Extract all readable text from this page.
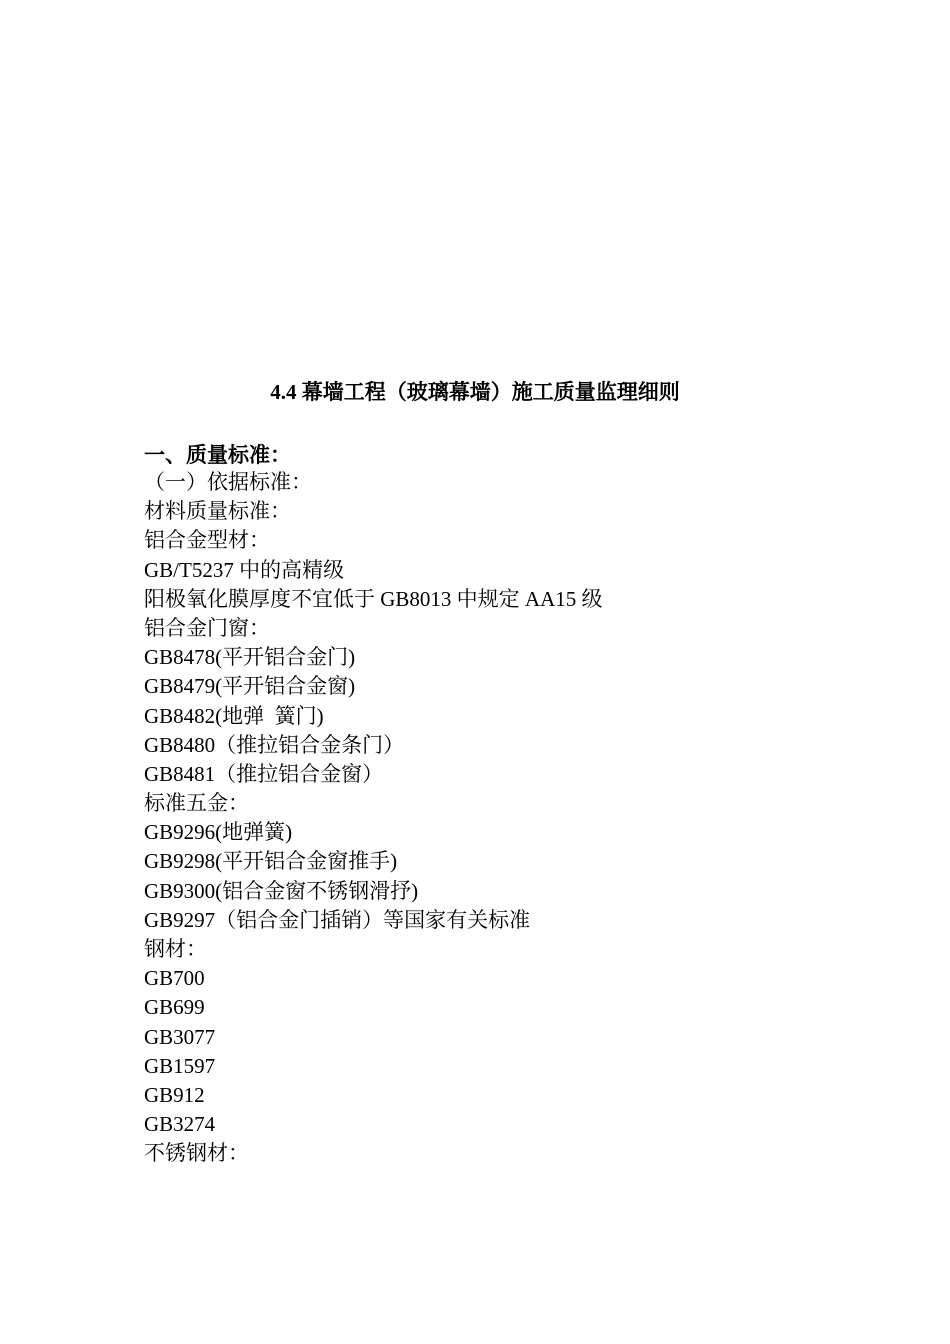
4.4 幕墙工程（玻璃幕墙）施工质量监理细则
一、质量标准：
（一）依据标准：
材料质量标准：
铝合金型材：
GB/T5237 中的高精级
阳极氧化膜厚度不宜低于 GB8013 中规定 AA15 级
铝合金门窗：
GB8478(平开铝合金门)
GB8479(平开铝合金窗)
GB8482(地弹  簧门)
GB8480（推拉铝合金条门）
GB8481（推拉铝合金窗）
标准五金：
GB9296(地弹簧)
GB9298(平开铝合金窗推手)
GB9300(铝合金窗不锈钢滑抒)
GB9297（铝合金门插销）等国家有关标准
钢材：
GB700
GB699
GB3077
GB1597
GB912
GB3274
不锈钢材：
